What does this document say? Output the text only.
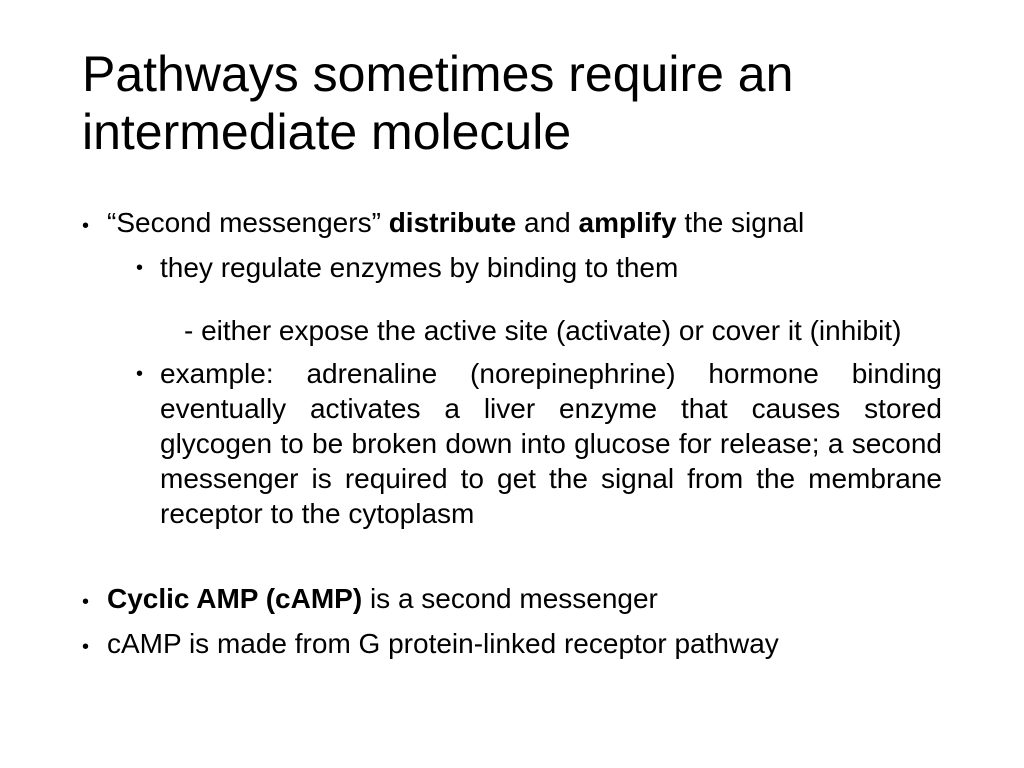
Pathways sometimes require an intermediate molecule

• “Second messengers” distribute and amplify the signal

• they regulate enzymes by binding to them

- either expose the active site (activate) or cover it (inhibit)

• example: adrenaline (norepinephrine) hormone binding eventually activates a liver enzyme that causes stored glycogen to be broken down into glucose for release; a second messenger is required to get the signal from the membrane receptor to the cytoplasm

• Cyclic AMP (cAMP) is a second messenger

• cAMP is made from G protein-linked receptor pathway
